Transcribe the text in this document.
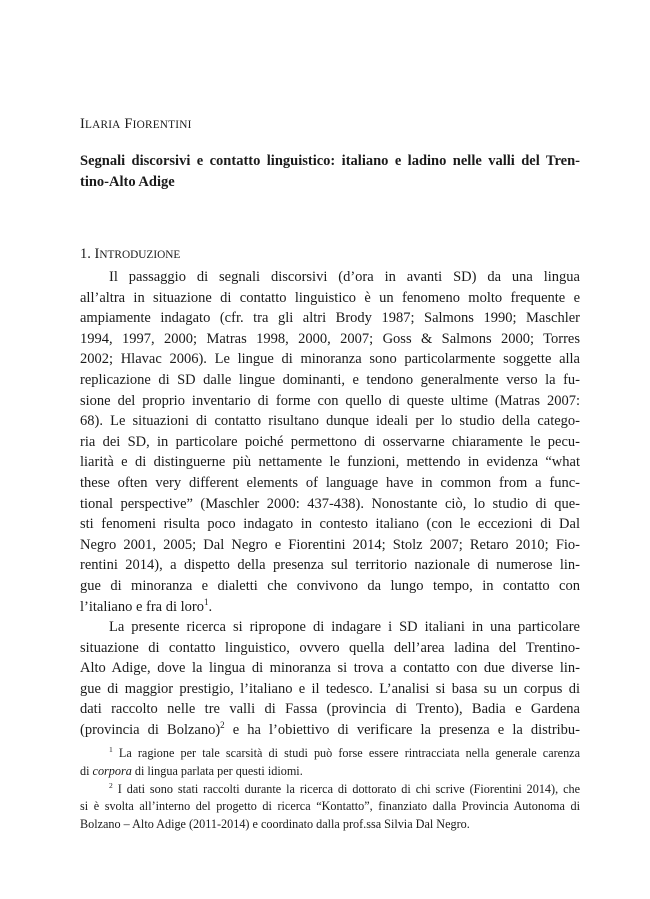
ILARIA FIORENTINI
Segnali discorsivi e contatto linguistico: italiano e ladino nelle valli del Tren-
tino-Alto Adige
1. INTRODUZIONE
Il passaggio di segnali discorsivi (d’ora in avanti SD) da una lingua
all’altra in situazione di contatto linguistico è un fenomeno molto frequente e
ampiamente indagato (cfr. tra gli altri Brody 1987; Salmons 1990; Maschler
1994, 1997, 2000; Matras 1998, 2000, 2007; Goss & Salmons 2000; Torres
2002; Hlavac 2006). Le lingue di minoranza sono particolarmente soggette alla
replicazione di SD dalle lingue dominanti, e tendono generalmente verso la fu-
sione del proprio inventario di forme con quello di queste ultime (Matras 2007:
68). Le situazioni di contatto risultano dunque ideali per lo studio della catego-
ria dei SD, in particolare poiché permettono di osservarne chiaramente le pecu-
liarità e di distinguerne più nettamente le funzioni, mettendo in evidenza “what
these often very different elements of language have in common from a func-
tional perspective” (Maschler 2000: 437-438). Nonostante ciò, lo studio di que-
sti fenomeni risulta poco indagato in contesto italiano (con le eccezioni di Dal
Negro 2001, 2005; Dal Negro e Fiorentini 2014; Stolz 2007; Retaro 2010; Fio-
rentini 2014), a dispetto della presenza sul territorio nazionale di numerose lin-
gue di minoranza e dialetti che convivono da lungo tempo, in contatto con
l’italiano e fra di loro$^1$.
La presente ricerca si ripropone di indagare i SD italiani in una particolare
situazione di contatto linguistico, ovvero quella dell’area ladina del Trentino-
Alto Adige, dove la lingua di minoranza si trova a contatto con due diverse lin-
gue di maggior prestigio, l’italiano e il tedesco. L’analisi si basa su un corpus di
dati raccolto nelle tre valli di Fassa (provincia di Trento), Badia e Gardena
(provincia di Bolzano)$^2$ e ha l’obiettivo di verificare la presenza e la distribu-
$^1$ La ragione per tale scarsità di studi può forse essere rintracciata nella generale carenza
di corpora di lingua parlata per questi idiomi.
$^2$ I dati sono stati raccolti durante la ricerca di dottorato di chi scrive (Fiorentini 2014), che
si è svolta all’interno del progetto di ricerca “Kontatto”, finanziato dalla Provincia Autonoma di
Bolzano – Alto Adige (2011-2014) e coordinato dalla prof.ssa Silvia Dal Negro.
